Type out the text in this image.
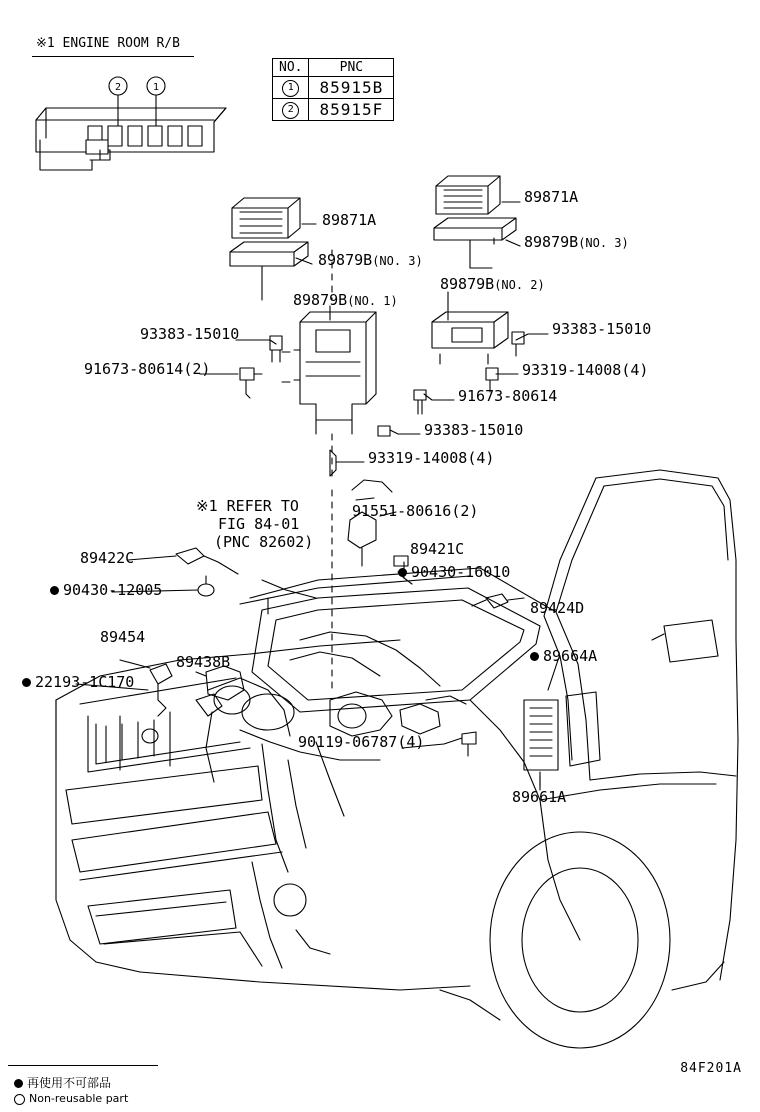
※1 ENGINE ROOM R/B
NO.	PNC
1	85915B
2	85915F
2	1
89871A
89871A
89879B(NO. 3)
89879B(NO. 3)
89879B(NO. 1)
89879B(NO. 2)
93383-15010	93383-15010
91673-80614(2)	93319-14008(4)
91673-80614
93383-15010
93319-14008(4)
※1 REFER TO
FIG 84-01
(PNC 82602)
91551-80616(2)
89421C
89422C
90430-16010
90430-12005
89424D
89454
89438B	89664A
22193-1C170
90119-06787(4)
89661A
再使用不可部品
Non-reusable part
84F201A
